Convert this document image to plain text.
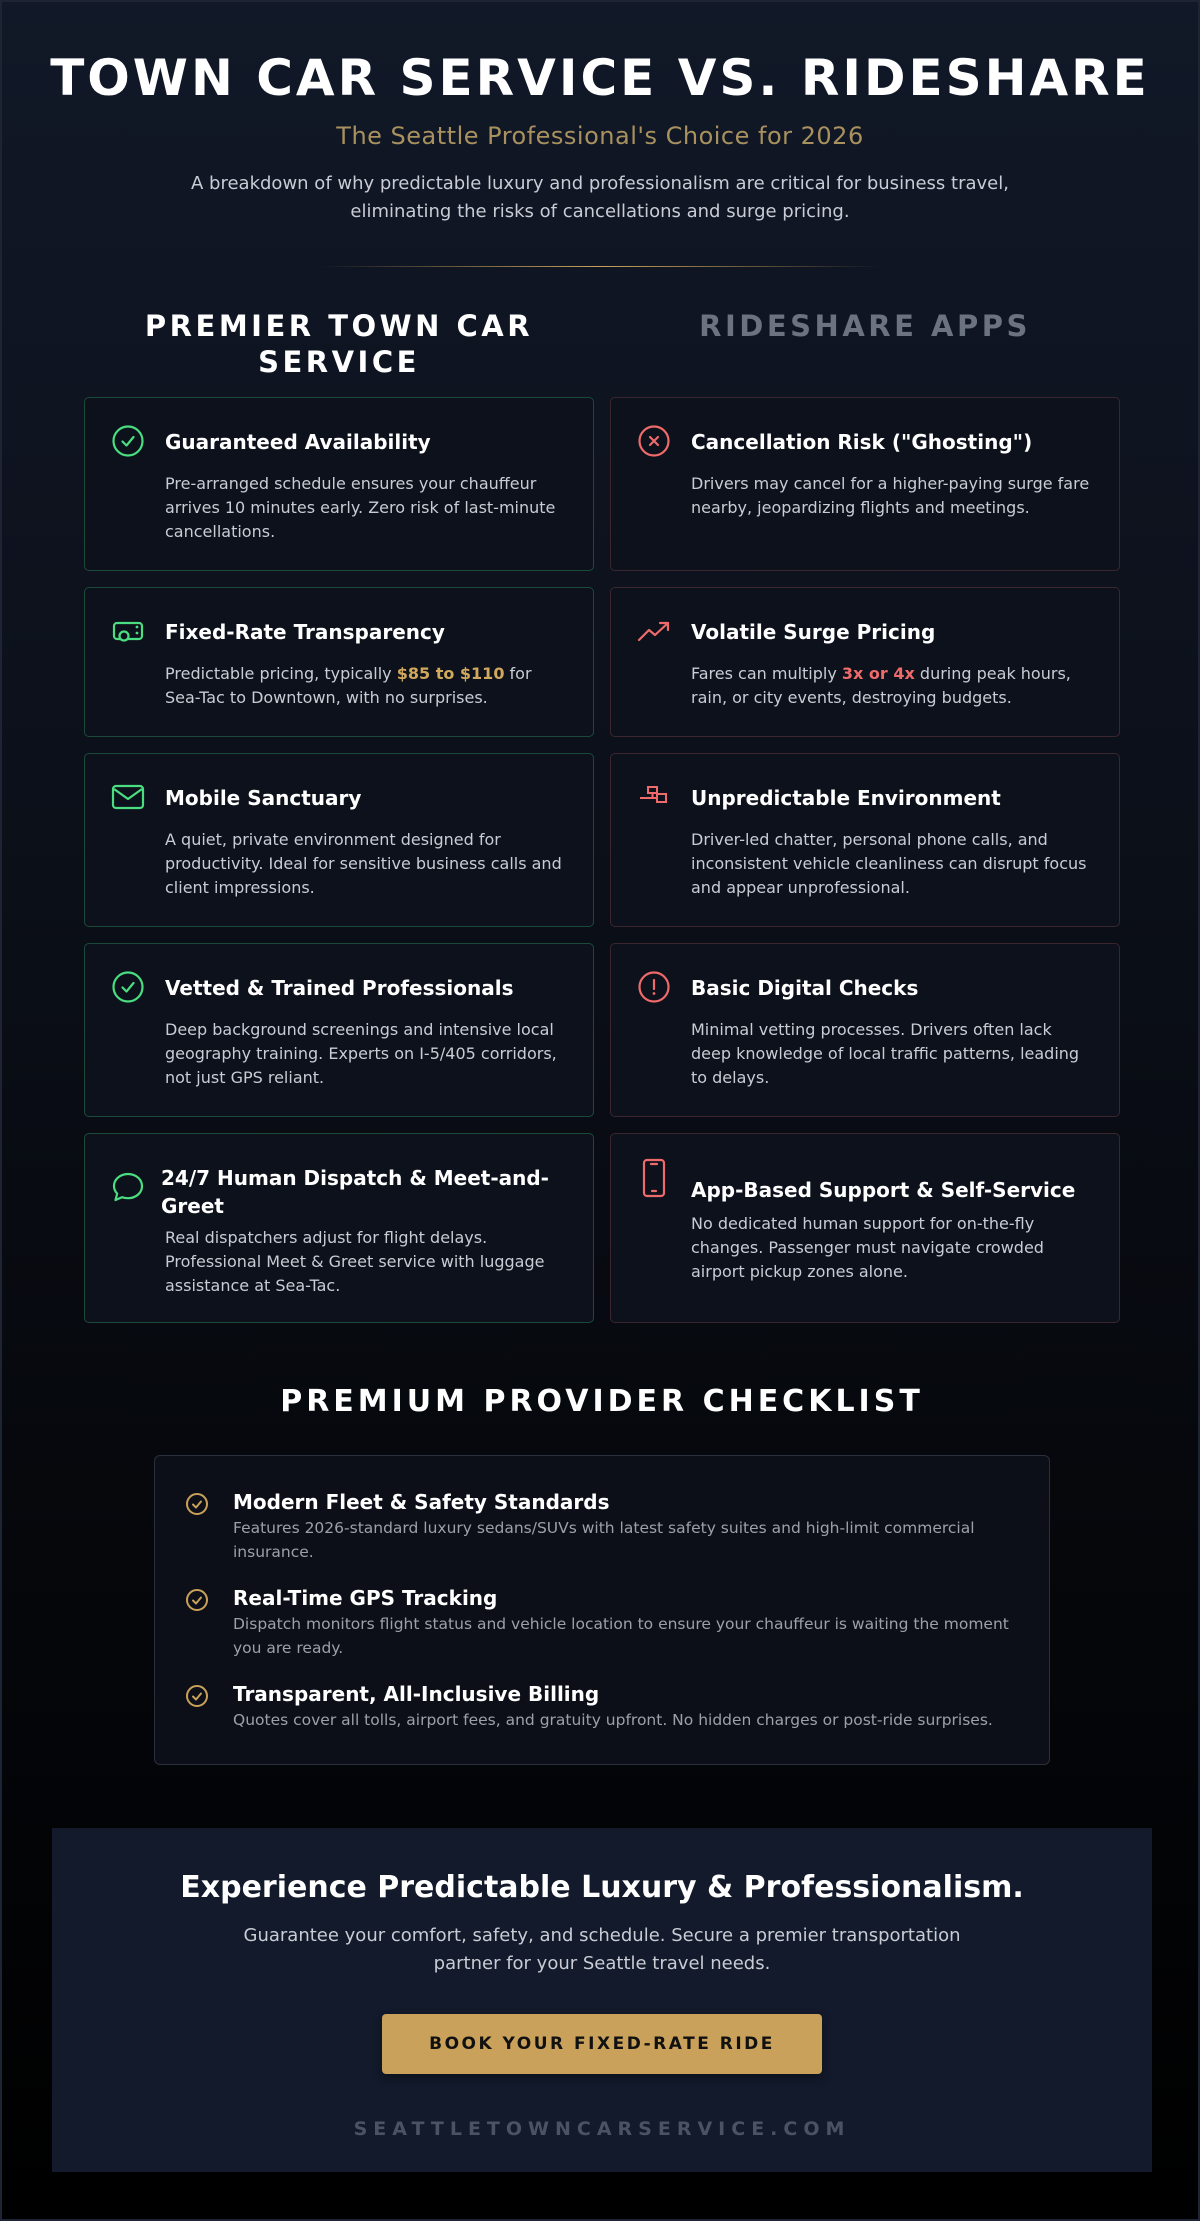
TOWN CAR SERVICE VS. RIDESHARE
The Seattle Professional's Choice for 2026

A breakdown of why predictable luxury and professionalism are critical for business travel, eliminating the risks of cancellations and surge pricing.

PREMIER TOWN CAR SERVICE
RIDESHARE APPS
Guaranteed Availability
Pre-arranged schedule ensures your chauffeur arrives 10 minutes early. Zero risk of last-minute cancellations.
Fixed-Rate Transparency
Predictable pricing, typically $85 to $110 for Sea-Tac to Downtown, with no surprises.
Mobile Sanctuary
A quiet, private environment designed for productivity. Ideal for sensitive business calls and client impressions.
Vetted & Trained Professionals
Deep background screenings and intensive local geography training. Experts on I-5/405 corridors, not just GPS reliant.
24/7 Human Dispatch & Meet-and-Greet
Real dispatchers adjust for flight delays. Professional Meet & Greet service with luggage assistance at Sea-Tac.
Cancellation Risk ("Ghosting")
Drivers may cancel for a higher-paying surge fare nearby, jeopardizing flights and meetings.
Volatile Surge Pricing
Fares can multiply 3x or 4x during peak hours, rain, or city events, destroying budgets.
Unpredictable Environment
Driver-led chatter, personal phone calls, and inconsistent vehicle cleanliness can disrupt focus and appear unprofessional.
Basic Digital Checks
Minimal vetting processes. Drivers often lack deep knowledge of local traffic patterns, leading to delays.
App-Based Support & Self-Service
No dedicated human support for on-the-fly changes. Passenger must navigate crowded airport pickup zones alone.
PREMIUM PROVIDER CHECKLIST
Modern Fleet & Safety Standards
Features 2026-standard luxury sedans/SUVs with latest safety suites and high-limit commercial insurance.
Real-Time GPS Tracking
Dispatch monitors flight status and vehicle location to ensure your chauffeur is waiting the moment you are ready.
Transparent, All-Inclusive Billing
Quotes cover all tolls, airport fees, and gratuity upfront. No hidden charges or post-ride surprises.
Experience Predictable Luxury & Professionalism.

Guarantee your comfort, safety, and schedule. Secure a premier transportation partner for your Seattle travel needs.

BOOK YOUR FIXED-RATE RIDE
SEATTLETOWNCARSERVICE.COM
